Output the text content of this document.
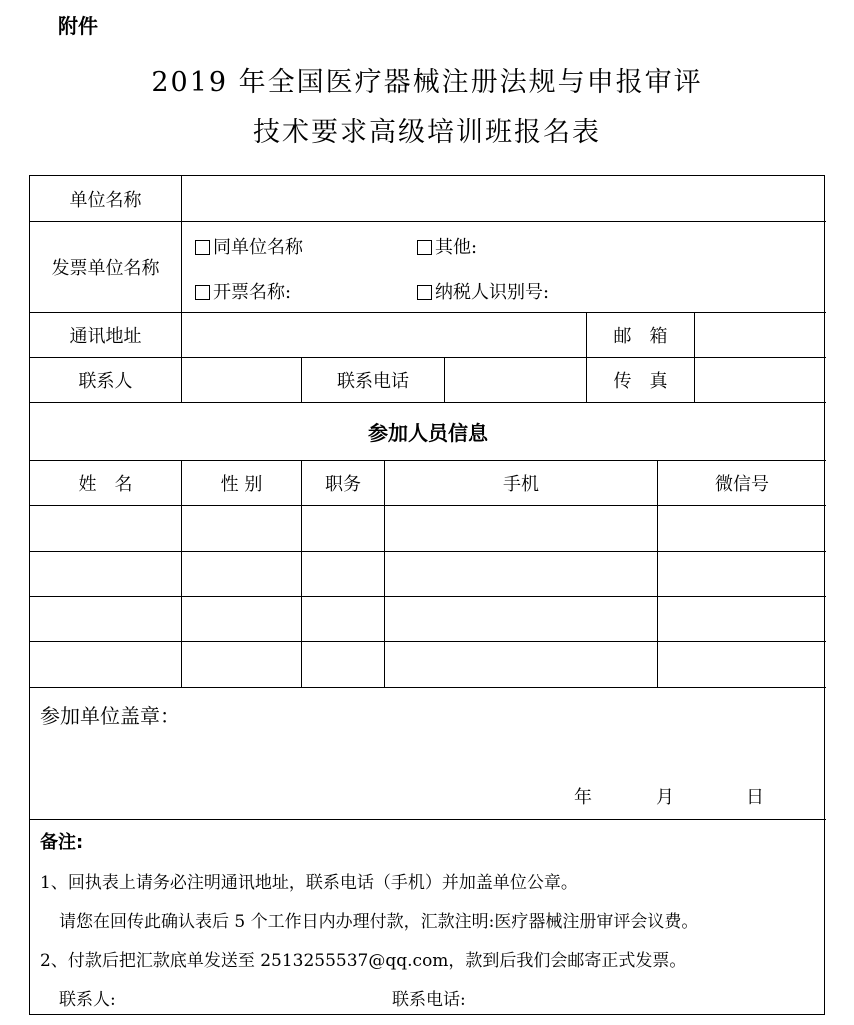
附件
2019 年全国医疗器械注册法规与申报审评
技术要求高级培训班报名表
单位名称
发票单位名称
同单位名称	其他:
开票名称:	纳税人识别号:
通讯地址	邮　箱
联系人	联系电话	传　真
参加人员信息
姓　名	性 别	职务	手机	微信号
参加单位盖章：
年	月	日
备注:
1、回执表上请务必注明通讯地址，联系电话（手机）并加盖单位公章。
请您在回传此确认表后 5 个工作日内办理付款，汇款注明:医疗器械注册审评会议费。
2、付款后把汇款底单发送至 2513255537@qq.com，款到后我们会邮寄正式发票。
联系人:	联系电话:
